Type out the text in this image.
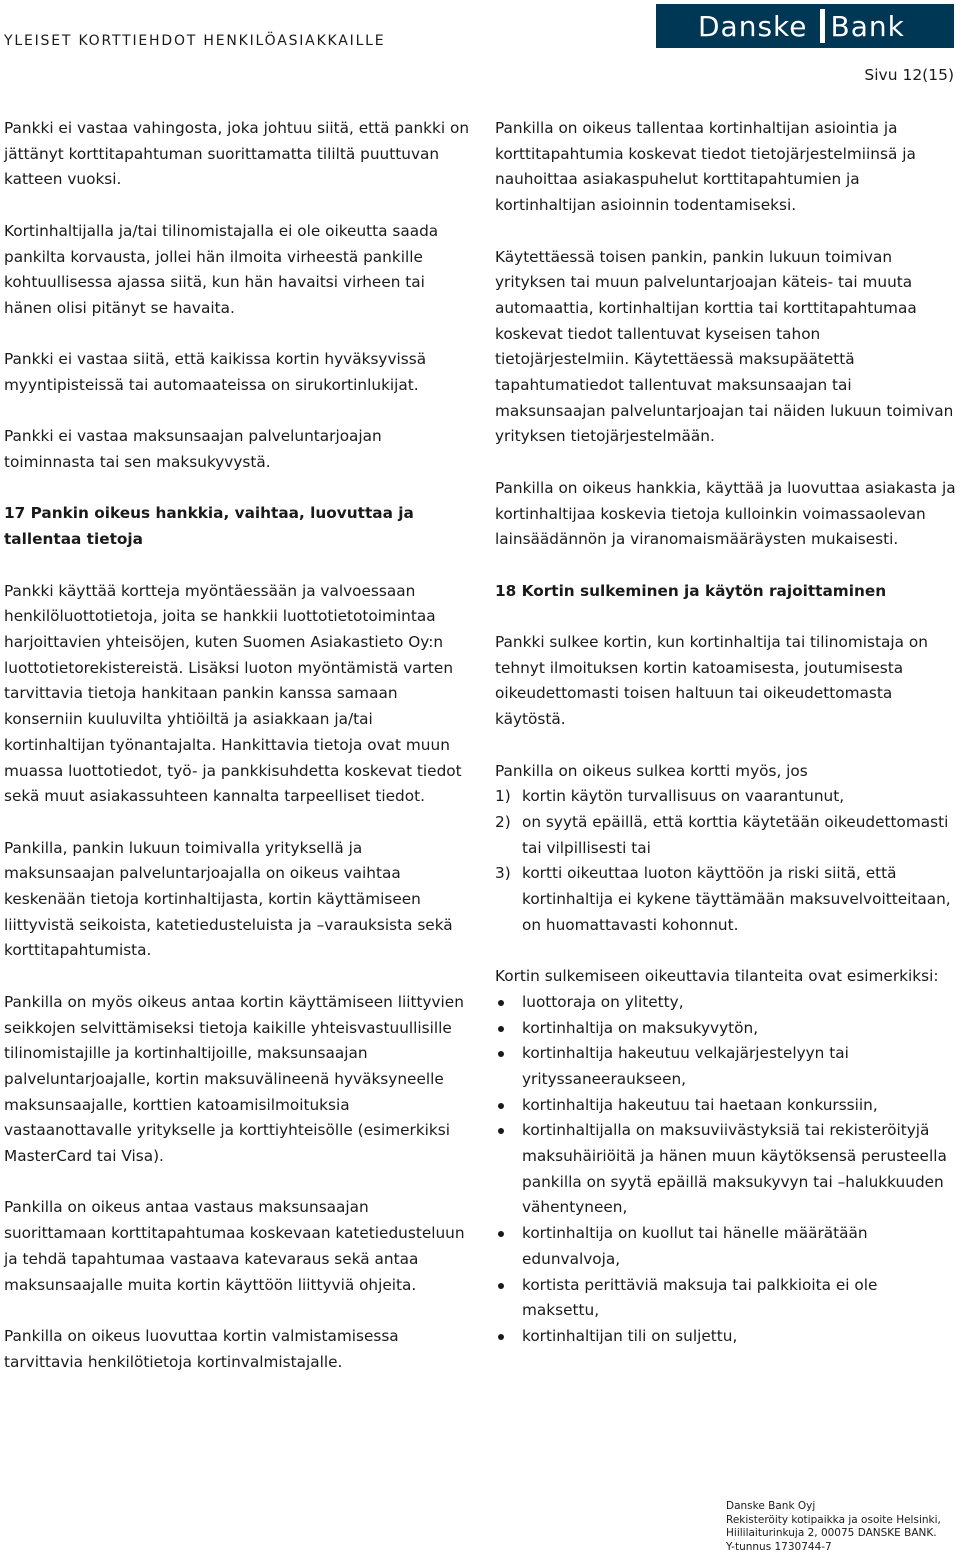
YLEISET KORTTIEHDOT HENKILÖASIAKKAILLE	Danske Bank
Sivu 12(15)

Pankki ei vastaa vahingosta, joka johtuu siitä, että pankki on jättänyt korttitapahtuman suorittamatta tililtä puuttuvan katteen vuoksi.

Kortinhaltijalla ja/tai tilinomistajalla ei ole oikeutta saada pankilta korvausta, jollei hän ilmoita virheestä pankille kohtuullisessa ajassa siitä, kun hän havaitsi virheen tai hänen olisi pitänyt se havaita.

Pankki ei vastaa siitä, että kaikissa kortin hyväksyvissä myyntipisteissä tai automaateissa on sirukortinlukijat.

Pankki ei vastaa maksunsaajan palveluntarjoajan toiminnasta tai sen maksukyvystä.

17 Pankin oikeus hankkia, vaihtaa, luovuttaa ja tallentaa tietoja

Pankki käyttää kortteja myöntäessään ja valvoessaan henkilöluottotietoja, joita se hankkii luottotietotoimintaa harjoittavien yhteisöjen, kuten Suomen Asiakastieto Oy:n luottotietorekistereistä. Lisäksi luoton myöntämistä varten tarvittavia tietoja hankitaan pankin kanssa samaan konserniin kuuluvilta yhtiöiltä ja asiakkaan ja/tai kortinhaltijan työnantajalta. Hankittavia tietoja ovat muun muassa luottotiedot, työ- ja pankkisuhdetta koskevat tiedot sekä muut asiakassuhteen kannalta tarpeelliset tiedot.

Pankilla, pankin lukuun toimivalla yrityksellä ja maksunsaajan palveluntarjoajalla on oikeus vaihtaa keskenään tietoja kortinhaltijasta, kortin käyttämiseen liittyvistä seikoista, katetiedusteluista ja –varauksista sekä korttitapahtumista.

Pankilla on myös oikeus antaa kortin käyttämiseen liittyvien seikkojen selvittämiseksi tietoja kaikille yhteisvastuullisille tilinomistajille ja kortinhaltijoille, maksunsaajan palveluntarjoajalle, kortin maksuvälineenä hyväksyneelle maksunsaajalle, korttien katoamisilmoituksia vastaanottavalle yritykselle ja korttiyhteisölle (esimerkiksi MasterCard tai Visa).

Pankilla on oikeus antaa vastaus maksunsaajan suorittamaan korttitapahtumaa koskevaan katetiedusteluun ja tehdä tapahtumaa vastaava katevaraus sekä antaa maksunsaajalle muita kortin käyttöön liittyviä ohjeita.

Pankilla on oikeus luovuttaa kortin valmistamisessa tarvittavia henkilötietoja kortinvalmistajalle.

Pankilla on oikeus tallentaa kortinhaltijan asiointia ja korttitapahtumia koskevat tiedot tietojärjestelmiinsä ja nauhoittaa asiakaspuhelut korttitapahtumien ja kortinhaltijan asioinnin todentamiseksi.

Käytettäessä toisen pankin, pankin lukuun toimivan yrityksen tai muun palveluntarjoajan käteis- tai muuta automaattia, kortinhaltijan korttia tai korttitapahtumaa koskevat tiedot tallentuvat kyseisen tahon tietojärjestelmiin. Käytettäessä maksupäätettä tapahtumatiedot tallentuvat maksunsaajan tai maksunsaajan palveluntarjoajan tai näiden lukuun toimivan yrityksen tietojärjestelmään.

Pankilla on oikeus hankkia, käyttää ja luovuttaa asiakasta ja kortinhaltijaa koskevia tietoja kulloinkin voimassaolevan lainsäädännön ja viranomaismääräysten mukaisesti.

18 Kortin sulkeminen ja käytön rajoittaminen

Pankki sulkee kortin, kun kortinhaltija tai tilinomistaja on tehnyt ilmoituksen kortin katoamisesta, joutumisesta oikeudettomasti toisen haltuun tai oikeudettomasta käytöstä.

Pankilla on oikeus sulkea kortti myös, jos

1) kortin käytön turvallisuus on vaarantunut,
2) on syytä epäillä, että korttia käytetään oikeudettomasti tai vilpillisesti tai
3) kortti oikeuttaa luoton käyttöön ja riski siitä, että kortinhaltija ei kykene täyttämään maksuvelvoitteitaan, on huomattavasti kohonnut.

Kortin sulkemiseen oikeuttavia tilanteita ovat esimerkiksi:

luottoraja on ylitetty,
kortinhaltija on maksukyvytön,
kortinhaltija hakeutuu velkajärjestelyyn tai yrityssaneeraukseen,
kortinhaltija hakeutuu tai haetaan konkurssiin,
kortinhaltijalla on maksuviivästyksiä tai rekisteröityjä maksuhäiriöitä ja hänen muun käytöksensä perusteella pankilla on syytä epäillä maksukyvyn tai –halukkuuden vähentyneen,
kortinhaltija on kuollut tai hänelle määrätään edunvalvoja,
kortista perittäviä maksuja tai palkkioita ei ole maksettu,
kortinhaltijan tili on suljettu,
Danske Bank Oyj
Rekisteröity kotipaikka ja osoite Helsinki,
Hiililaiturinkuja 2, 00075 DANSKE BANK.
Y-tunnus 1730744-7
